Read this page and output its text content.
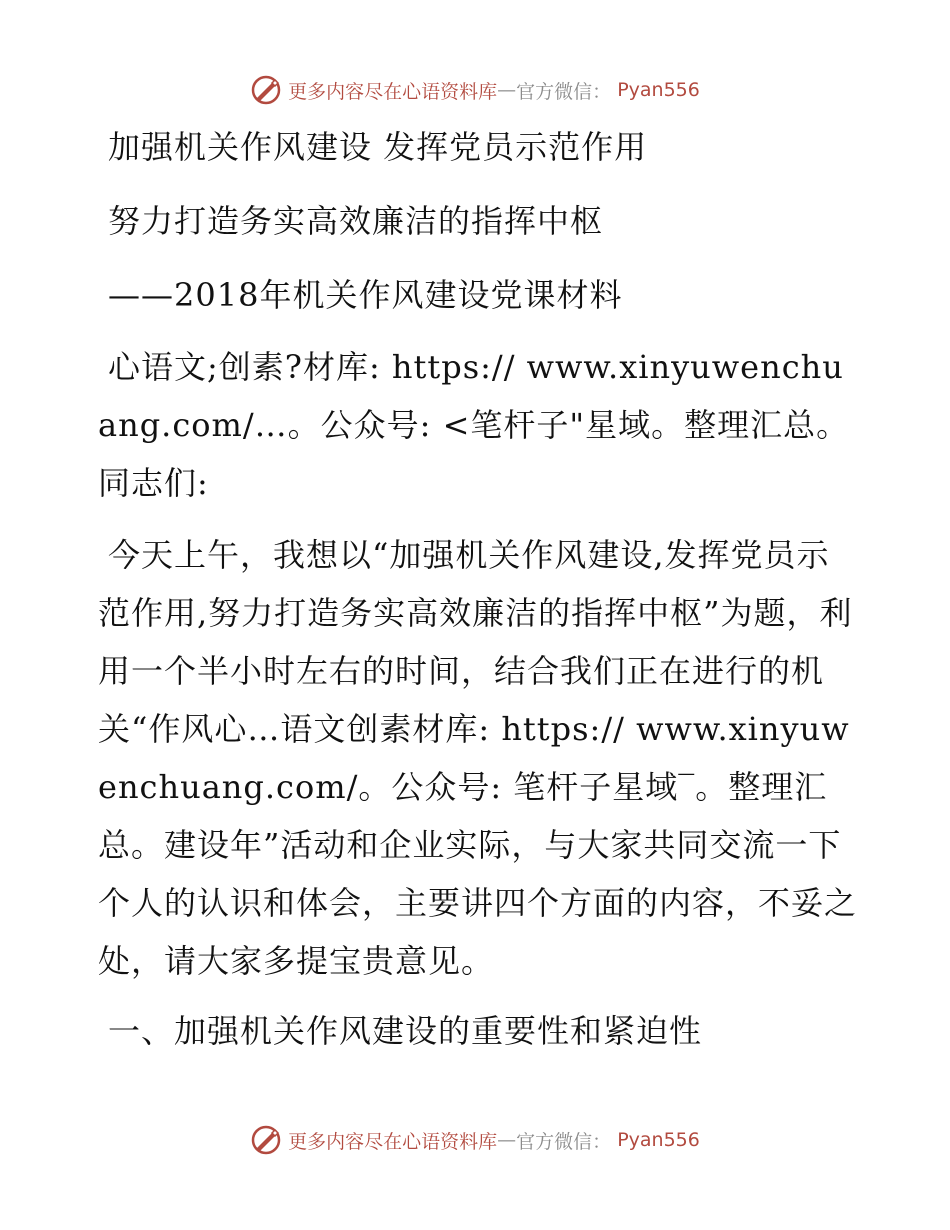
更多内容尽在心语资料库 — 官方微信： Pyan556

加强机关作风建设 发挥党员示范作用

努力打造务实高效廉洁的指挥中枢

——2018年机关作风建设党课材料

心语文;创素?材库: https:// www.xinyuwenchuang.com/…。公众号: <笔杆子"星域。整理汇总。同志们:

今天上午，我想以“加强机关作风建设,发挥党员示范作用,努力打造务实高效廉洁的指挥中枢”为题，利用一个半小时左右的时间，结合我们正在进行的机关“作风心…语文创素材库: https:// www.xinyuwenchuang.com/。公众号: 笔杆子星域‾。整理汇总。建设年”活动和企业实际，与大家共同交流一下个人的认识和体会，主要讲四个方面的内容，不妥之处，请大家多提宝贵意见。

一、加强机关作风建设的重要性和紧迫性

更多内容尽在心语资料库 — 官方微信： Pyan556
